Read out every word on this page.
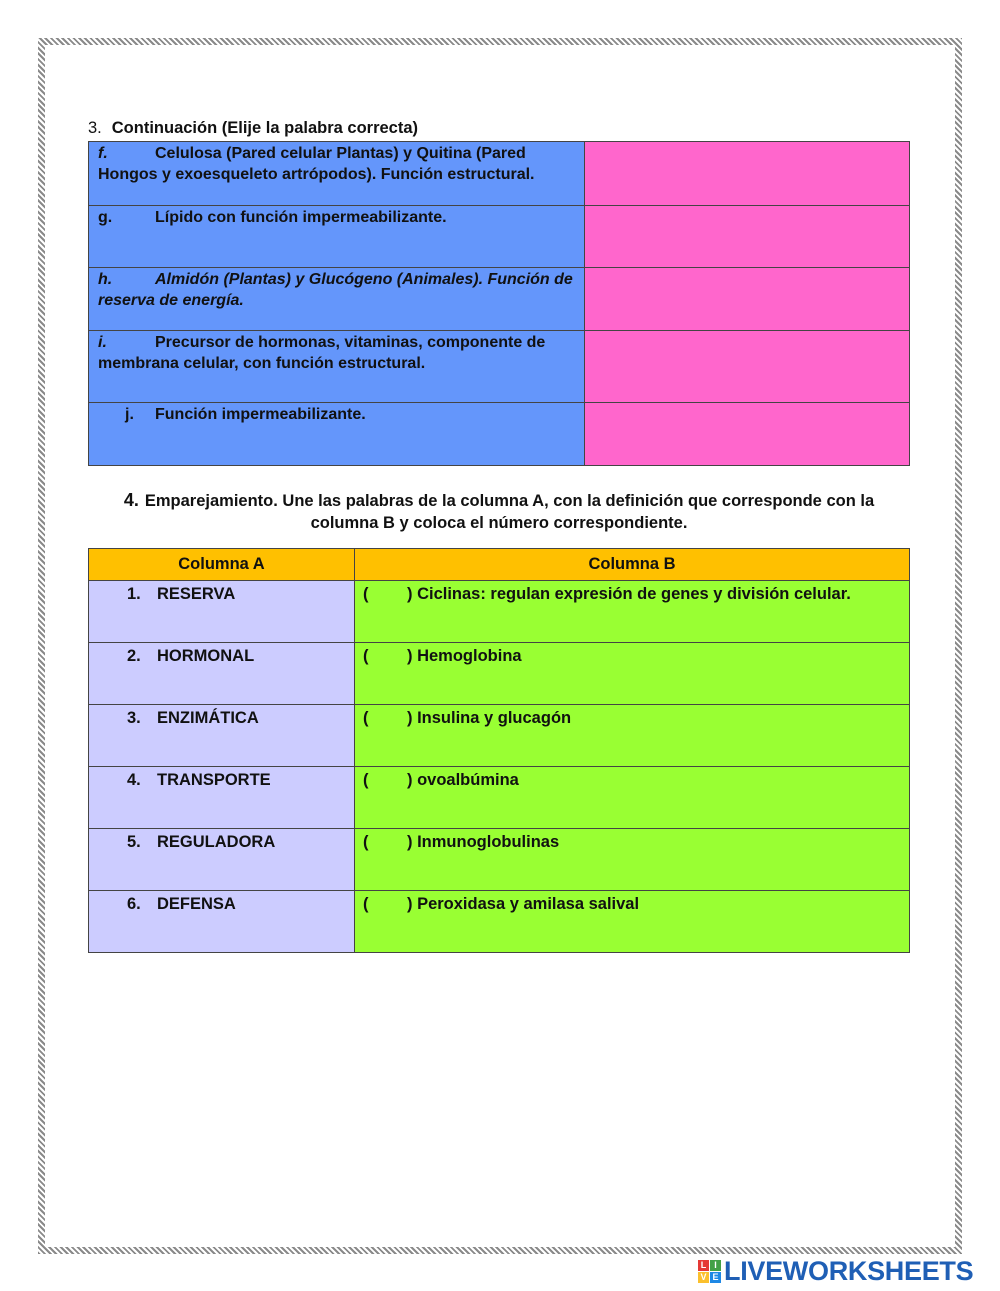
3. Continuación (Elije la palabra correcta)
f. Celulosa (Pared celular Plantas) y Quitina (Pared Hongos y exoesqueleto artrópodos). Función estructural.	
g. Lípido con función impermeabilizante.	
h. Almidón (Plantas) y Glucógeno (Animales). Función de reserva de energía.	
i. Precursor de hormonas, vitaminas, componente de membrana celular, con función estructural.	
j. Función impermeabilizante.	
4. Emparejamiento. Une las palabras de la columna A, con la definición que corresponde con la columna B y coloca el número correspondiente.
Columna A	Columna B
1. RESERVA	( ) Ciclinas: regulan expresión de genes y división celular.
2. HORMONAL	( ) Hemoglobina
3. ENZIMÁTICA	( ) Insulina y glucagón
4. TRANSPORTE	( ) ovoalbúmina
5. REGULADORA	( ) Inmunoglobulinas
6. DEFENSA	( ) Peroxidasa y amilasa salival
L I
V E LIVEWORKSHEETS
